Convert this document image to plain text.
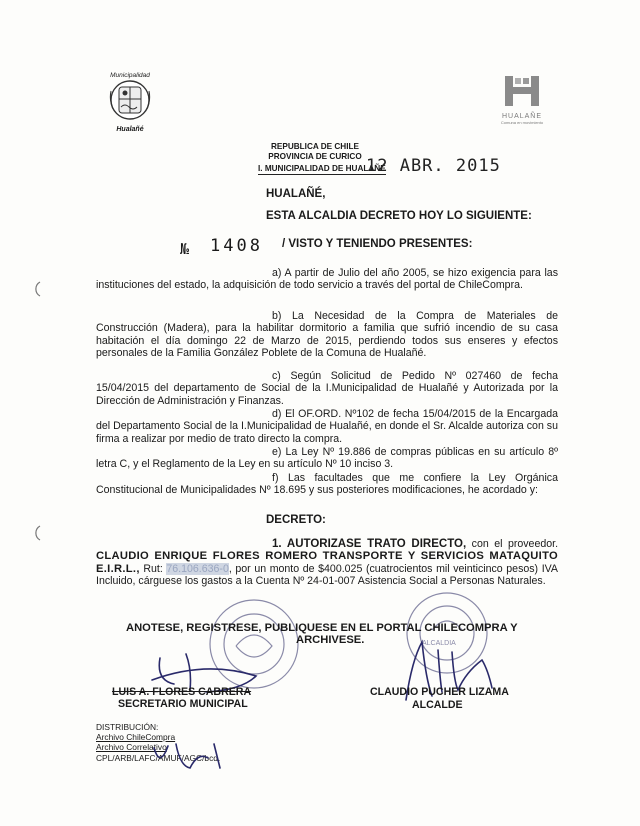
Municipalidad
Hualañé
HUALAÑE
Comuna en movimiento
REPUBLICA DE CHILE
PROVINCIA DE CURICO
I. MUNICIPALIDAD DE HUALAÑÉ
12 ABR. 2015
HUALAÑÉ,
ESTA ALCALDIA DECRETO HOY LO SIGUIENTE:
№ 1408 / VISTO Y TENIENDO PRESENTES:
a) A partir de Julio del año 2005, se hizo exigencia para las instituciones del estado, la adquisición de todo servicio a través del portal de ChileCompra.
b) La Necesidad de la Compra de Materiales de Construcción (Madera), para la habilitar dormitorio a familia que sufrió incendio de su casa habitación el día domingo 22 de Marzo de 2015, perdiendo todos sus enseres y efectos personales de la Familia González Poblete de la Comuna de Hualañé.
c) Según Solicitud de Pedido Nº 027460 de fecha 15/04/2015 del departamento de Social de la I.Municipalidad de Hualañé y Autorizada por la Dirección de Administración y Finanzas.
d) El OF.ORD. Nº102 de fecha 15/04/2015 de la Encargada del Departamento Social de la I.Municipalidad de Hualañé, en donde el Sr. Alcalde autoriza con su firma a realizar por medio de trato directo la compra.
e) La Ley Nº 19.886 de compras públicas en su artículo 8º letra C, y el Reglamento de la Ley en su artículo Nº 10 inciso 3.
f) Las facultades que me confiere la Ley Orgánica Constitucional de Municipalidades Nº 18.695 y sus posteriores modificaciones, he acordado y:
DECRETO:
1. AUTORIZASE TRATO DIRECTO, con el proveedor. CLAUDIO ENRIQUE FLORES ROMERO TRANSPORTE Y SERVICIOS MATAQUITO E.I.R.L., Rut: 76.106.636-0, por un monto de $400.025 (cuatrocientos mil veinticinco pesos) IVA Incluido, cárguese los gastos a la Cuenta Nº 24-01-007 Asistencia Social a Personas Naturales.
ALCALDIA
ANOTESE, REGISTRESE, PUBLIQUESE EN EL PORTAL CHILECOMPRA Y
ARCHIVESE.
LUIS A. FLORES CABRERA
SECRETARIO MUNICIPAL
CLAUDIO PUCHER LIZAMA
ALCALDE
DISTRIBUCIÓN:
Archivo ChileCompra
Archivo Correlativo
CPL/ARB/LAFC/AMUF/AGC/bcd.
